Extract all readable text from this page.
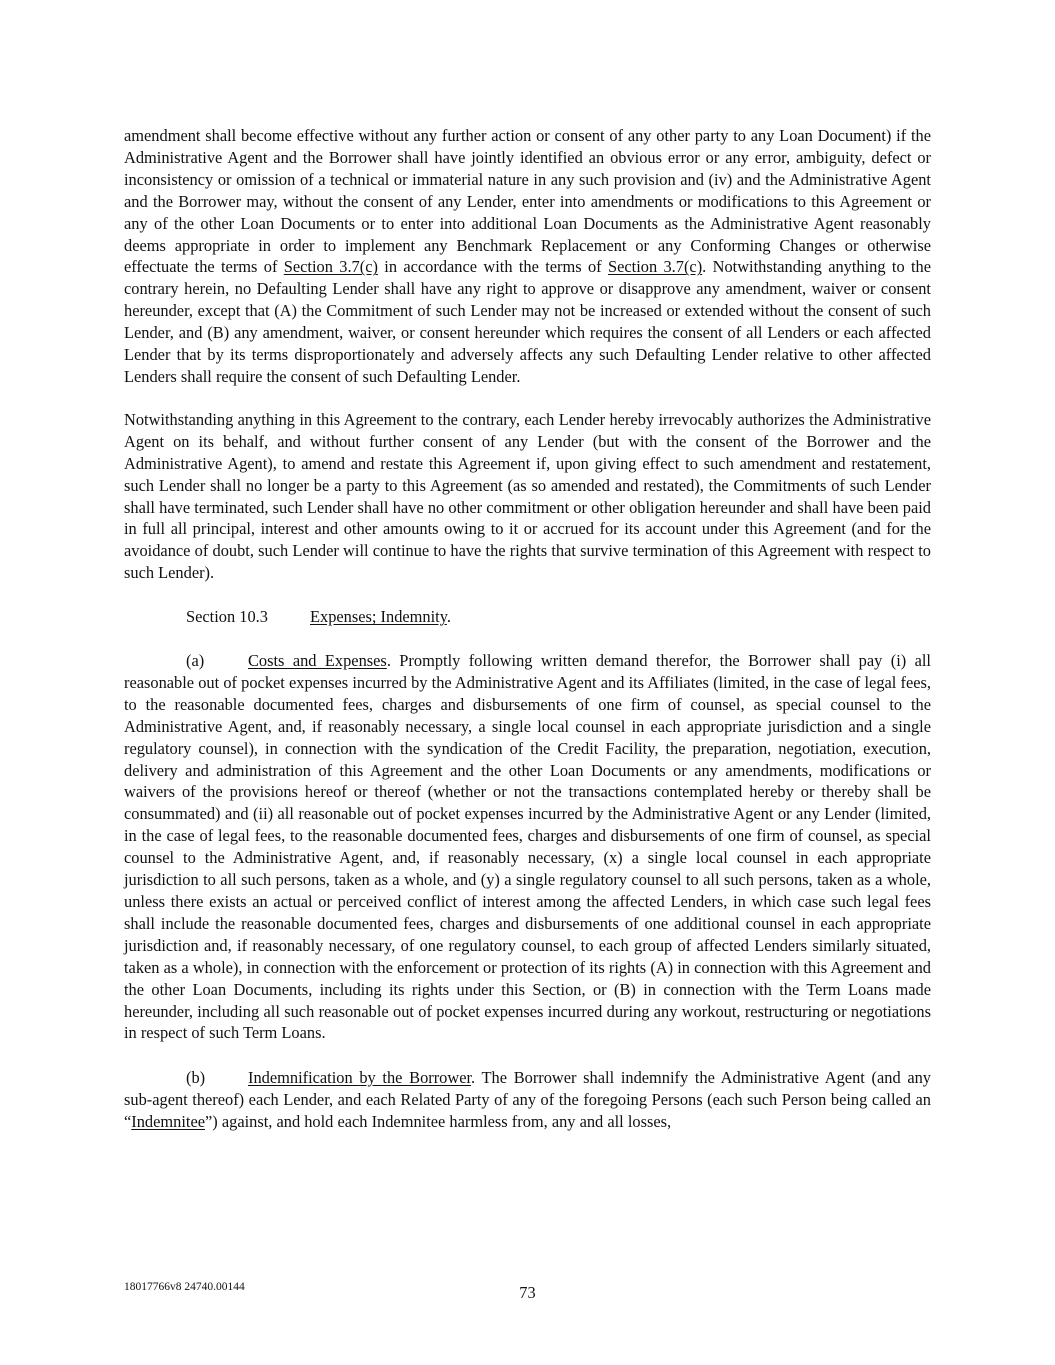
amendment shall become effective without any further action or consent of any other party to any Loan Document) if the Administrative Agent and the Borrower shall have jointly identified an obvious error or any error, ambiguity, defect or inconsistency or omission of a technical or immaterial nature in any such provision and (iv) and the Administrative Agent and the Borrower may, without the consent of any Lender, enter into amendments or modifications to this Agreement or any of the other Loan Documents or to enter into additional Loan Documents as the Administrative Agent reasonably deems appropriate in order to implement any Benchmark Replacement or any Conforming Changes or otherwise effectuate the terms of Section 3.7(c) in accordance with the terms of Section 3.7(c). Notwithstanding anything to the contrary herein, no Defaulting Lender shall have any right to approve or disapprove any amendment, waiver or consent hereunder, except that (A) the Commitment of such Lender may not be increased or extended without the consent of such Lender, and (B) any amendment, waiver, or consent hereunder which requires the consent of all Lenders or each affected Lender that by its terms disproportionately and adversely affects any such Defaulting Lender relative to other affected Lenders shall require the consent of such Defaulting Lender.

Notwithstanding anything in this Agreement to the contrary, each Lender hereby irrevocably authorizes the Administrative Agent on its behalf, and without further consent of any Lender (but with the consent of the Borrower and the Administrative Agent), to amend and restate this Agreement if, upon giving effect to such amendment and restatement, such Lender shall no longer be a party to this Agreement (as so amended and restated), the Commitments of such Lender shall have terminated, such Lender shall have no other commitment or other obligation hereunder and shall have been paid in full all principal, interest and other amounts owing to it or accrued for its account under this Agreement (and for the avoidance of doubt, such Lender will continue to have the rights that survive termination of this Agreement with respect to such Lender).

Section 10.3	Expenses; Indemnity.

(a)	Costs and Expenses. Promptly following written demand therefor, the Borrower shall pay (i) all reasonable out of pocket expenses incurred by the Administrative Agent and its Affiliates (limited, in the case of legal fees, to the reasonable documented fees, charges and disbursements of one firm of counsel, as special counsel to the Administrative Agent, and, if reasonably necessary, a single local counsel in each appropriate jurisdiction and a single regulatory counsel), in connection with the syndication of the Credit Facility, the preparation, negotiation, execution, delivery and administration of this Agreement and the other Loan Documents or any amendments, modifications or waivers of the provisions hereof or thereof (whether or not the transactions contemplated hereby or thereby shall be consummated) and (ii) all reasonable out of pocket expenses incurred by the Administrative Agent or any Lender (limited, in the case of legal fees, to the reasonable documented fees, charges and disbursements of one firm of counsel, as special counsel to the Administrative Agent, and, if reasonably necessary, (x) a single local counsel in each appropriate jurisdiction to all such persons, taken as a whole, and (y) a single regulatory counsel to all such persons, taken as a whole, unless there exists an actual or perceived conflict of interest among the affected Lenders, in which case such legal fees shall include the reasonable documented fees, charges and disbursements of one additional counsel in each appropriate jurisdiction and, if reasonably necessary, of one regulatory counsel, to each group of affected Lenders similarly situated, taken as a whole), in connection with the enforcement or protection of its rights (A) in connection with this Agreement and the other Loan Documents, including its rights under this Section, or (B) in connection with the Term Loans made hereunder, including all such reasonable out of pocket expenses incurred during any workout, restructuring or negotiations in respect of such Term Loans.

(b)	Indemnification by the Borrower. The Borrower shall indemnify the Administrative Agent (and any sub-agent thereof) each Lender, and each Related Party of any of the foregoing Persons (each such Person being called an “Indemnitee”) against, and hold each Indemnitee harmless from, any and all losses,

18017766v8 24740.00144	73
